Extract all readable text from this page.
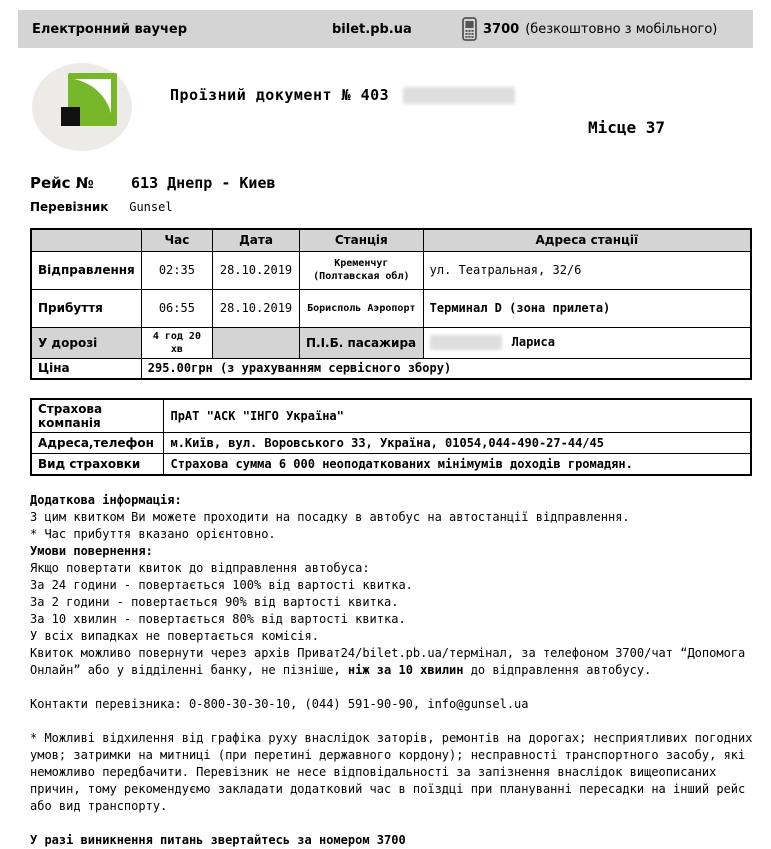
Електронний ваучер	bilet.pb.ua	3700 (безкоштовно з мобільного)
Проїзний документ № 403
Місце 37
Рейс № 613 Днепр - Киев
Перевізник Gunsel
	Час	Дата	Станція	Адреса станції
Відправлення	02:35	28.10.2019	Кременчуг (Полтавская обл)	ул. Театральная, 32/6
Прибуття	06:55	28.10.2019	Борисполь Аэропорт	Терминал D (зона прилета)
У дорозі	4 год 20 хв		П.І.Б. пасажира	Лариса
Ціна	295.00грн (з урахуванням сервісного збору)			
Страхова компанія	ПрАТ "АСК "ІНГО Україна"
Адреса,телефон	м.Київ, вул. Воровського 33, Україна, 01054,044-490-27-44/45
Вид страховки	Страхова сумма 6 000 неоподаткованих мінімумів доходів громадян.
Додаткова інформація:
З цим квитком Ви можете проходити на посадку в автобус на автостанції відправлення.
* Час прибуття вказано орієнтовно.
Умови повернення:
Якщо повертати квиток до відправлення автобуса:
За 24 години - повертається 100% від вартості квитка.
За 2 години - повертається 90% від вартості квитка.
За 10 хвилин - повертається 80% від вартості квитка.
У всіх випадках не повертається комісія.
Квиток можливо повернути через архів Приват24/bilet.pb.ua/термінал, за телефоном 3700/чат “Допомога Онлайн” або у відділенні банку, не пізніше, ніж за 10 хвилин до відправлення автобусу.
Контакти перевізника: 0-800-30-30-10, (044) 591-90-90, info@gunsel.ua
* Можливі відхилення від графіка руху внаслідок заторів, ремонтів на дорогах; несприятливих погодних умов; затримки на митниці (при перетині державного кордону); несправності транспортного засобу, які неможливо передбачити. Перевізник не несе відповідальності за запізнення внаслідок вищеописаних причин, тому рекомендуємо закладати додатковий час в поїздці при плануванні пересадки на інший рейс або вид транспорту.
У разі виникнення питань звертайтесь за номером 3700
